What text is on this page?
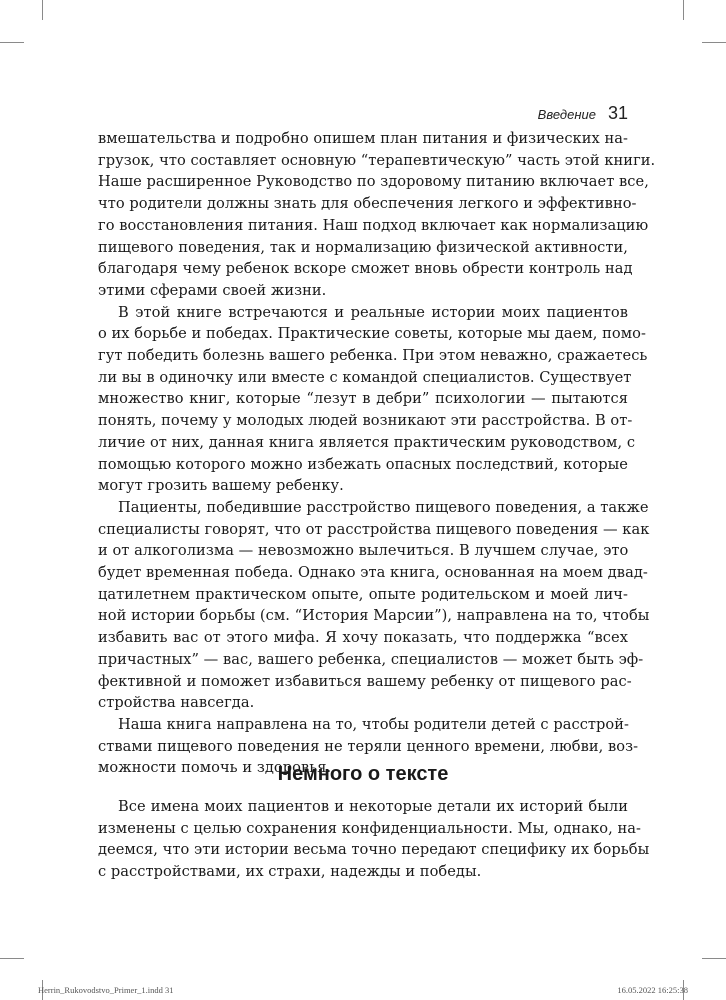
Введение 31

вмешательства и подробно опишем план питания и физических на-
грузок, что составляет основную “терапевтическую” часть этой книги.
Наше расширенное Руководство по здоровому питанию включает все,
что родители должны знать для обеспечения легкого и эффективно-
го восстановления питания. Наш подход включает как нормализацию
пищевого поведения, так и нормализацию физической активности,
благодаря чему ребенок вскоре сможет вновь обрести контроль над
этими сферами своей жизни.

В этой книге встречаются и реальные истории моих пациентов
о их борьбе и победах. Практические советы, которые мы даем, помо-
гут победить болезнь вашего ребенка. При этом неважно, сражаетесь
ли вы в одиночку или вместе с командой специалистов. Существует
множество книг, которые “лезут в дебри” психологии — пытаются
понять, почему у молодых людей возникают эти расстройства. В от-
личие от них, данная книга является практическим руководством, с
помощью которого можно избежать опасных последствий, которые
могут грозить вашему ребенку.

Пациенты, победившие расстройство пищевого поведения, а также
специалисты говорят, что от расстройства пищевого поведения — как
и от алкоголизма — невозможно вылечиться. В лучшем случае, это
будет временная победа. Однако эта книга, основанная на моем двад-
цатилетнем практическом опыте, опыте родительском и моей лич-
ной истории борьбы (см. “История Марсии”), направлена на то, чтобы
избавить вас от этого мифа. Я хочу показать, что поддержка “всех
причастных” — вас, вашего ребенка, специалистов — может быть эф-
фективной и поможет избавиться вашему ребенку от пищевого рас-
стройства навсегда.

Наша книга направлена на то, чтобы родители детей с расстрой-
ствами пищевого поведения не теряли ценного времени, любви, воз-
можности помочь и здоровья.

Немного о тексте

Все имена моих пациентов и некоторые детали их историй были
изменены с целью сохранения конфиденциальности. Мы, однако, на-
деемся, что эти истории весьма точно передают специфику их борьбы
с расстройствами, их страхи, надежды и победы.

Herrin_Rukovodstvo_Primer_1.indd 31	16.05.2022 16:25:38
